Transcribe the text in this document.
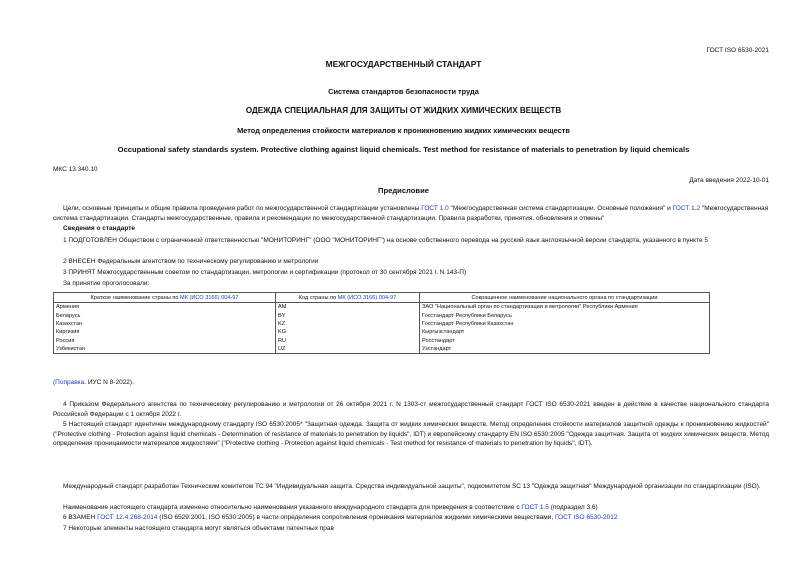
ГОСТ ISO 6530-2021
МЕЖГОСУДАРСТВЕННЫЙ СТАНДАРТ
Система стандартов безопасности труда
ОДЕЖДА СПЕЦИАЛЬНАЯ ДЛЯ ЗАЩИТЫ ОТ ЖИДКИХ ХИМИЧЕСКИХ ВЕЩЕСТВ
Метод определения стойкости материалов к проникновению жидких химических веществ
Occupational safety standards system. Protective clothing against liquid chemicals. Test method for resistance of materials to penetration by liquid chemicals
МКС 13.340.10
Дата введения 2022-10-01
Предисловие
Цели, основные принципы и общие правила проведения работ по межгосударственной стандартизации установлены ГОСТ 1.0 "Межгосударственная система стандартизации. Основные положения" и ГОСТ 1.2 "Межгосударственная система стандартизации. Стандарты межгосударственные, правила и рекомендации по межгосударственной стандартизации. Правила разработки, принятия, обновления и отмены"
Сведения о стандарте
1 ПОДГОТОВЛЕН Обществом с ограниченной ответственностью "МОНИТОРИНГ" (ООО "МОНИТОРИНГ") на основе собственного перевода на русский язык англоязычной версии стандарта, указанного в пункте 5
2 ВНЕСЕН Федеральным агентством по техническому регулированию и метрологии
3 ПРИНЯТ Межгосударственным советом по стандартизации, метрологии и сертификации (протокол от 30 сентября 2021 г. N 143-П)
За принятие проголосовали:
Краткое наименование страны по МК (ИСО 3166) 004-97	Код страны по МК (ИСО 3166) 004-97	Сокращенное наименование национального органа по стандартизации
Армения	AM	ЗАО "Национальный орган по стандартизации и метрологии" Республики Армения
Беларусь	BY	Госстандарт Республики Беларусь
Казахстан	KZ	Госстандарт Республики Казахстан
Киргизия	KG	Кыргызстандарт
Россия	RU	Росстандарт
Узбекистан	UZ	Узстандарт
(Поправка. ИУС N 8-2022).
4 Приказом Федерального агентства по техническому регулированию и метрологии от 26 октября 2021 г. N 1303-ст межгосударственный стандарт ГОСТ ISO 6530-2021 введен в действие в качестве национального стандарта Российской Федерации с 1 октября 2022 г.
5 Настоящий стандарт идентичен международному стандарту ISO 6530:2005* "Защитная одежда. Защита от жидких химических веществ. Метод определения стойкости материалов защитной одежды к проникновению жидкостей" ("Protective clothing - Protection against liquid chemicals - Determination of resistance of materials to penetration by liquids", IDT) и европейскому стандарту EN ISO 6530:2005 "Одежда защитная. Защита от жидких химических веществ. Метод определения проницаемости материалов жидкостями" ("Protective clothing - Protection against liquid chemicals - Test method for resistance of materials to penetration by liquids", IDT).
Международный стандарт разработан Техническим комитетом ТС 94 "Индивидуальная защита. Средства индивидуальной защиты", подкомитетом SC 13 "Одежда защитная" Международной организации по стандартизации (ISO).
Наименование настоящего стандарта изменено относительно наименования указанного международного стандарта для приведения в соответствие с ГОСТ 1.5 (подраздел 3.6)
6 ВЗАМЕН ГОСТ 12.4.268-2014 (ISO 6529:2001, ISO 6530:2005) в части определения сопротивления проникания материалов жидкими химическими веществами, ГОСТ ISO 6530-2012
7 Некоторые элементы настоящего стандарта могут являться объектами патентных прав
